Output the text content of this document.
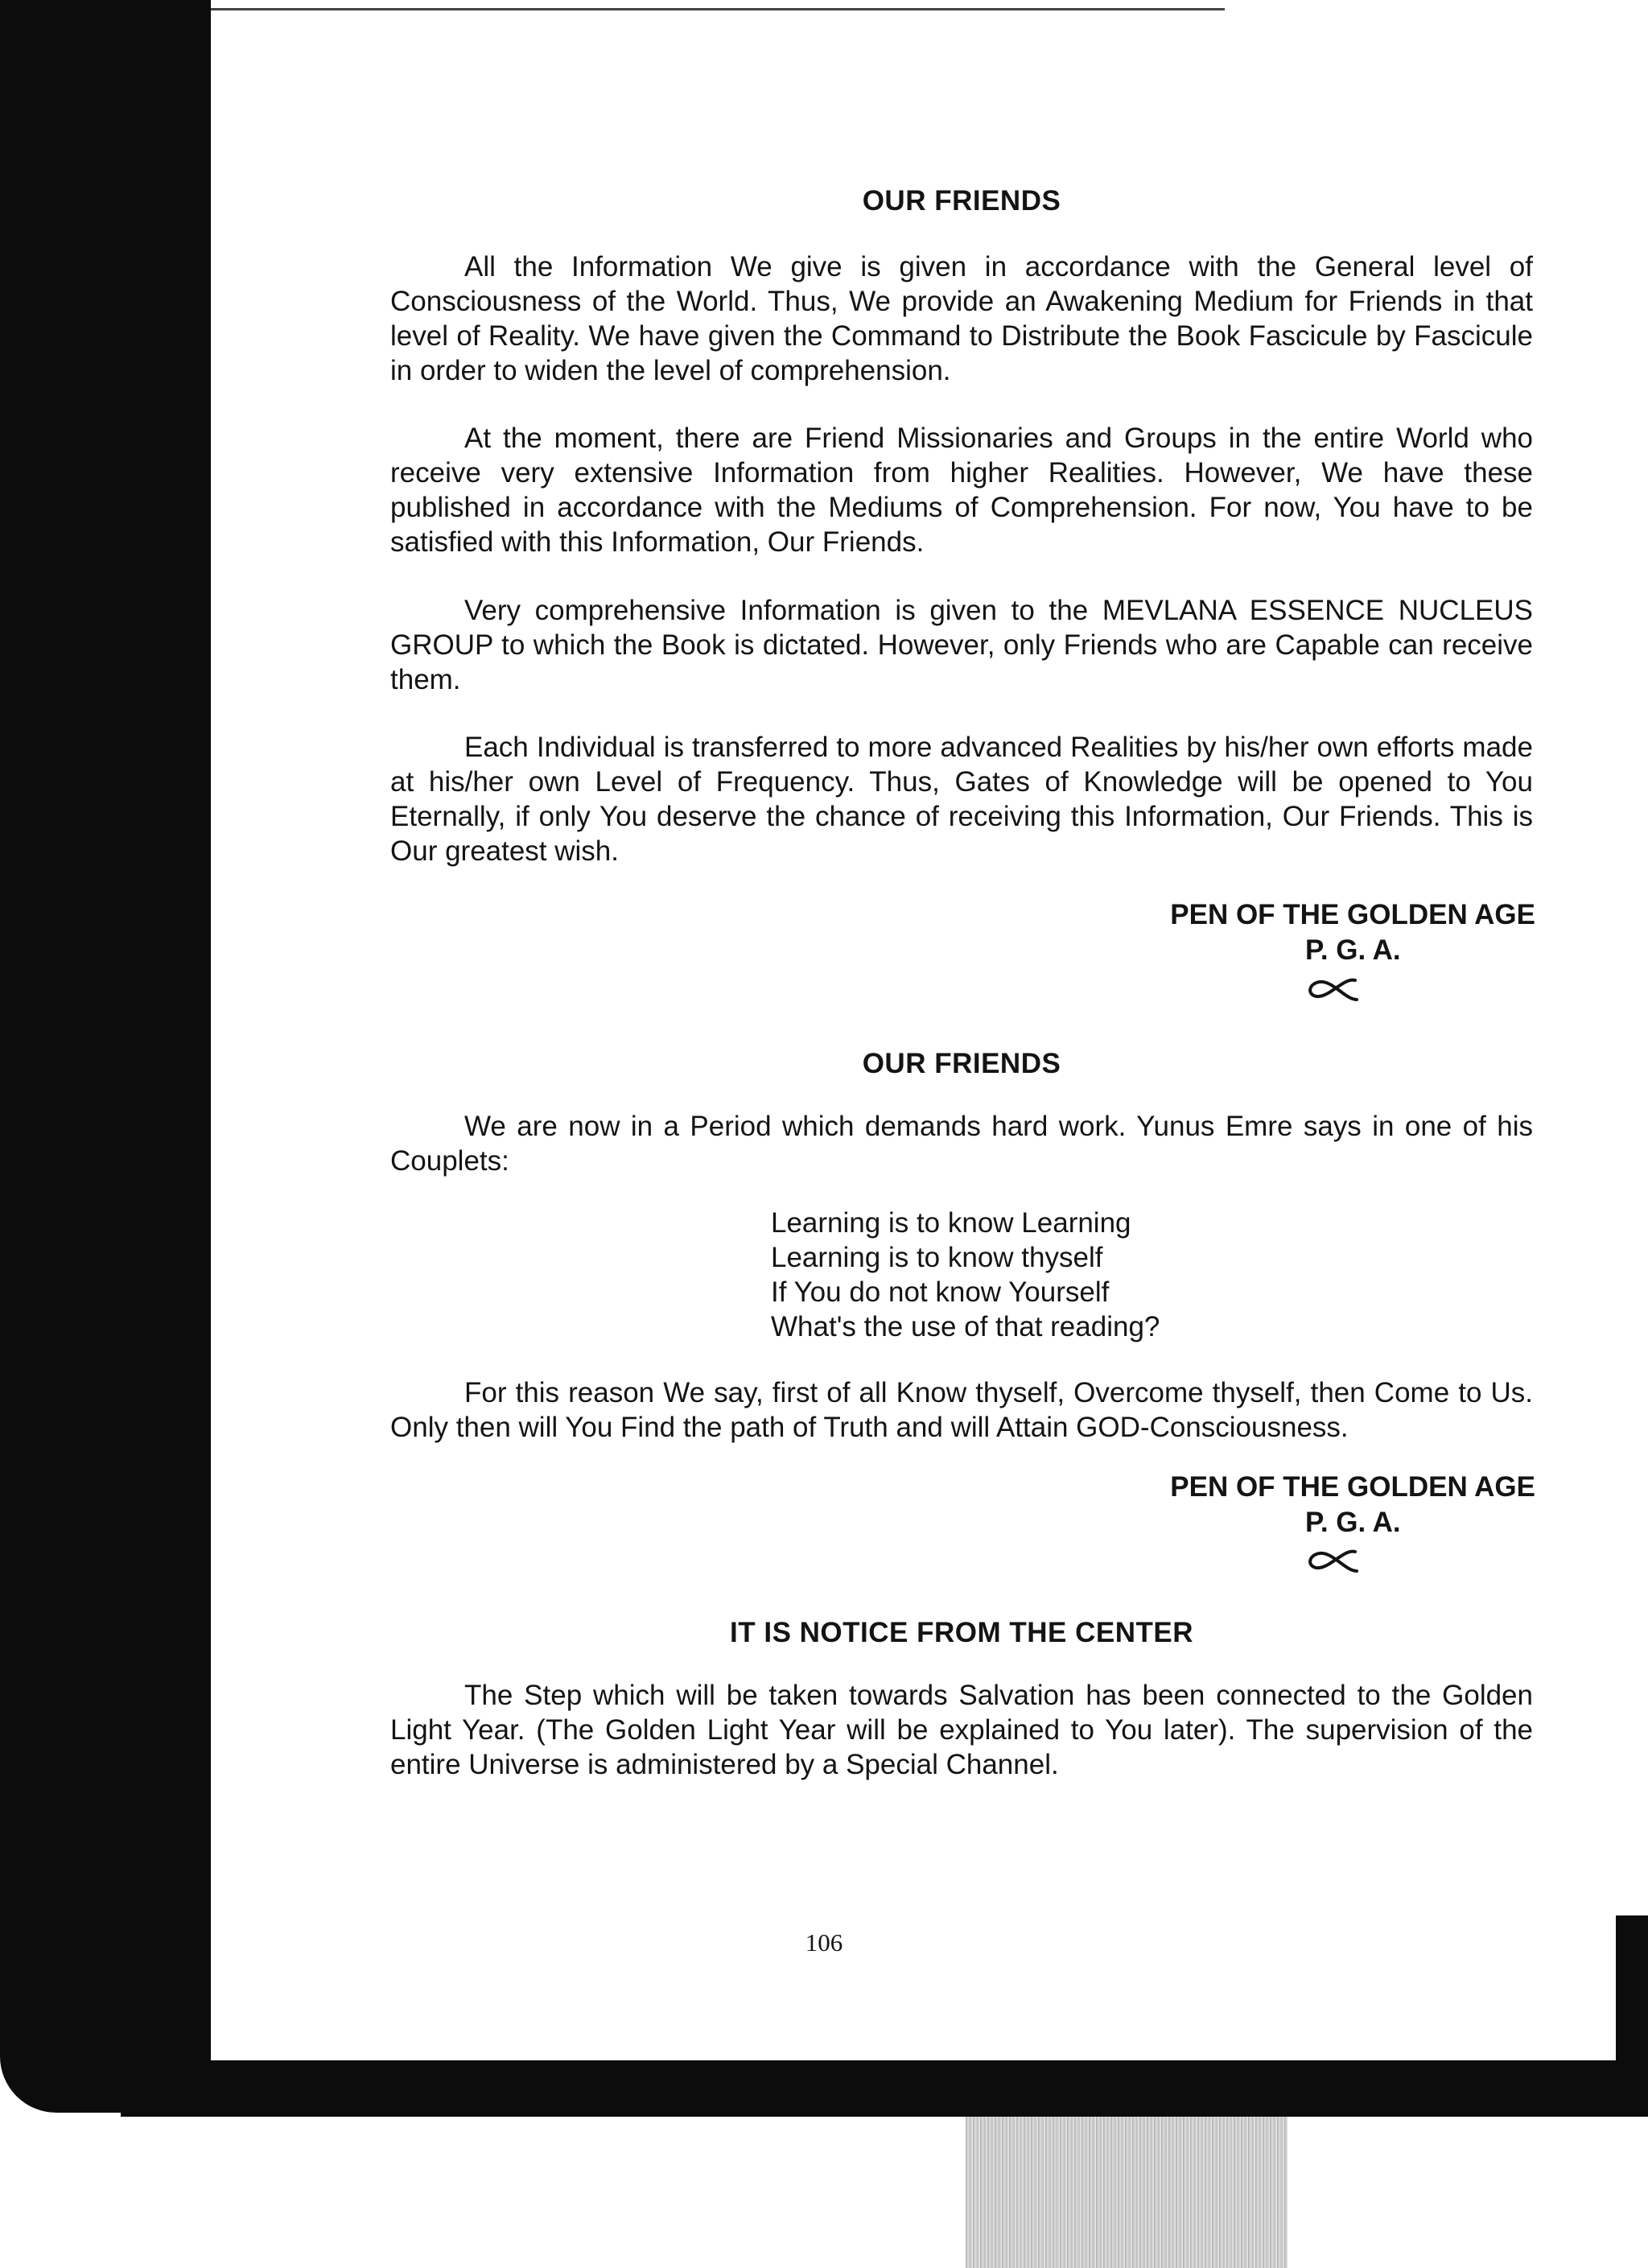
OUR FRIENDS

All the Information We give is given in accordance with the General level of Consciousness of the World. Thus, We provide an Awakening Medium for Friends in that level of Reality. We have given the Command to Distribute the Book Fascicule by Fascicule in order to widen the level of comprehension.

At the moment, there are Friend Missionaries and Groups in the entire World who receive very extensive Information from higher Realities. However, We have these published in accordance with the Mediums of Comprehension. For now, You have to be satisfied with this Information, Our Friends.

Very comprehensive Information is given to the MEVLANA ESSENCE NUCLEUS GROUP to which the Book is dictated. However, only Friends who are Capable can receive them.

Each Individual is transferred to more advanced Realities by his/her own efforts made at his/her own Level of Frequency. Thus, Gates of Knowledge will be opened to You Eternally, if only You deserve the chance of receiving this Information, Our Friends. This is Our greatest wish.

PEN OF THE GOLDEN AGE
P. G. A.
OUR FRIENDS

We are now in a Period which demands hard work. Yunus Emre says in one of his Couplets:

Learning is to know Learning
Learning is to know thyself
If You do not know Yourself
What's the use of that reading?

For this reason We say, first of all Know thyself, Overcome thyself, then Come to Us. Only then will You Find the path of Truth and will Attain GOD-Consciousness.

PEN OF THE GOLDEN AGE
P. G. A.
IT IS NOTICE FROM THE CENTER

The Step which will be taken towards Salvation has been connected to the Golden Light Year. (The Golden Light Year will be explained to You later). The supervision of the entire Universe is administered by a Special Channel.

106
